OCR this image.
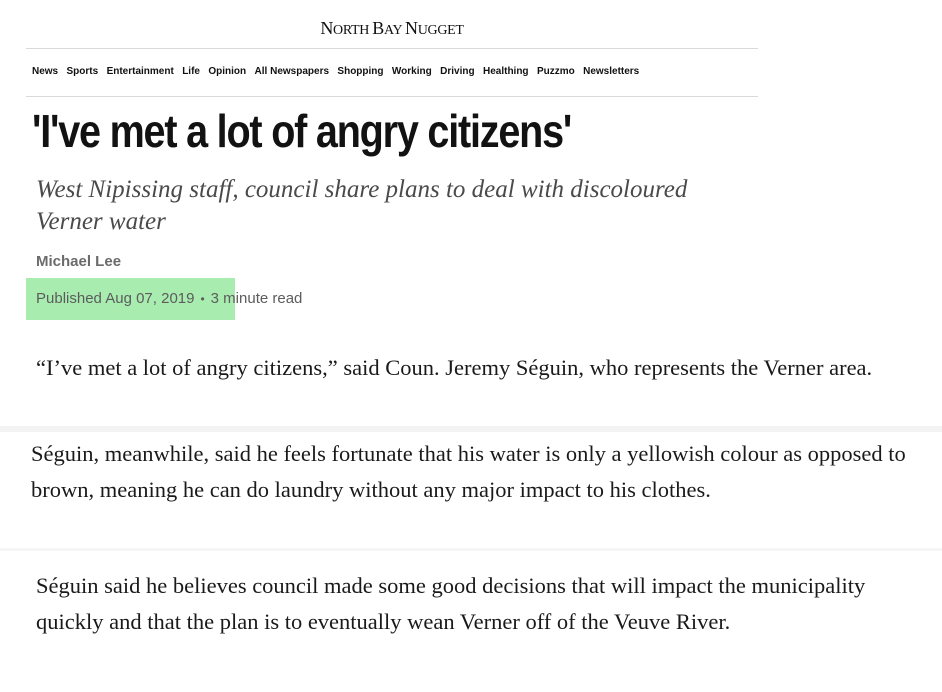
NORTH BAY NUGGET
News Sports Entertainment Life Opinion All Newspapers Shopping Working Driving Healthing Puzzmo Newsletters
'I've met a lot of angry citizens'

West Nipissing staff, council share plans to deal with discoloured Verner water

Michael Lee
Published Aug 07, 2019 • 3 minute read

“I’ve met a lot of angry citizens,” said Coun. Jeremy Séguin, who represents the Verner area.

Séguin, meanwhile, said he feels fortunate that his water is only a yellowish colour as opposed to brown, meaning he can do laundry without any major impact to his clothes.

Séguin said he believes council made some good decisions that will impact the municipality quickly and that the plan is to eventually wean Verner off of the Veuve River.
